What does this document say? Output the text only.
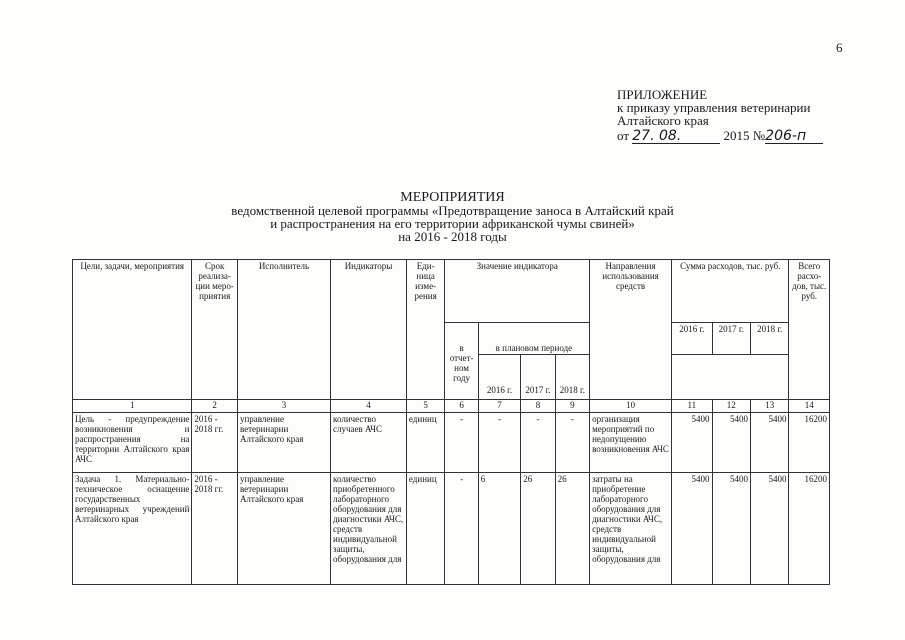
6
ПРИЛОЖЕНИЕ
к приказу управления ветеринарии
Алтайского края
от 27. 08.	2015 №206-п
МЕРОПРИЯТИЯ
ведомственной целевой программы «Предотвращение заноса в Алтайский край
и распространения на его территории африканской чумы свиней»
на 2016 - 2018 годы
Цели, задачи, мероприятия	Срок реализа- ции меро- приятия	Исполнитель	Индикаторы	Еди- ница изме- рения	Значение индикатора				Направления использования средств	Сумма расходов, тыс. руб.			Всего расхо- дов, тыс. руб.
					в отчет- ном году	в плановом периоде				2016 г.	2017 г.	2018 г.	
						2016 г.	2017 г.	2018 г.					
1	2	3	4	5	6	7	8	9	10	11	12	13	14
Цель - предупреждение возникновения и распространения на территории Алтайского края АЧС	2016 - 2018 гг.	управление ветеринарии Алтайского края	количество случаев АЧС	единиц	-	-	-	-	организация мероприятий по недопущению возникновения АЧС	5400	5400	5400	16200
Задача 1. Материально-техническое оснащение государственных ветеринарных учреждений Алтайского края	2016 - 2018 гг.	управление ветеринарии Алтайского края	количество приобретенного лабораторного оборудования для диагностики АЧС, средств индивидуальной защиты, оборудования для	единиц	-	6	26	26	затраты на приобретение лабораторного оборудования для диагностики АЧС, средств индивидуальной защиты, оборудования для	5400	5400	5400	16200
